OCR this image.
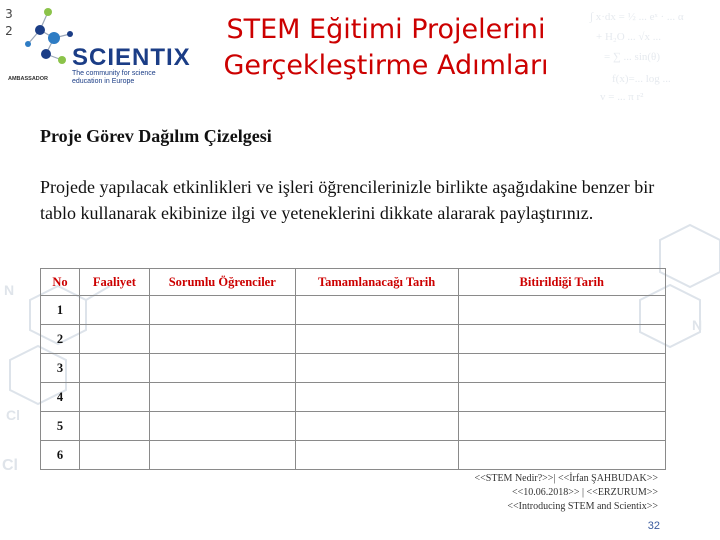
∫ x·dx = ½ ... eˣ · ... α
+ H₂O ... √x ...
= ∑ ... sin(θ)
f(x)=... log ...
v = ... π r²
Cl
Cl
N
N
3
2
SCIENTIX
The community for science education in Europe
AMBASSADOR
STEM Eğitimi Projelerini Gerçekleştirme Adımları
Proje Görev Dağılım Çizelgesi
Projede yapılacak etkinlikleri ve işleri öğrencilerinizle birlikte aşağıdakine benzer bir tablo kullanarak ekibinize ilgi ve yeteneklerini dikkate alararak paylaştırınız.
No	Faaliyet	Sorumlu Öğrenciler	Tamamlanacağı Tarih	Bitirildiği Tarih
1				
2				
3				
4				
5				
6				
<<STEM Nedir?>>| <<İrfan ŞAHBUDAK>>
<<10.06.2018>> | <<ERZURUM>>
<<Introducing STEM and Scientix>>
32
